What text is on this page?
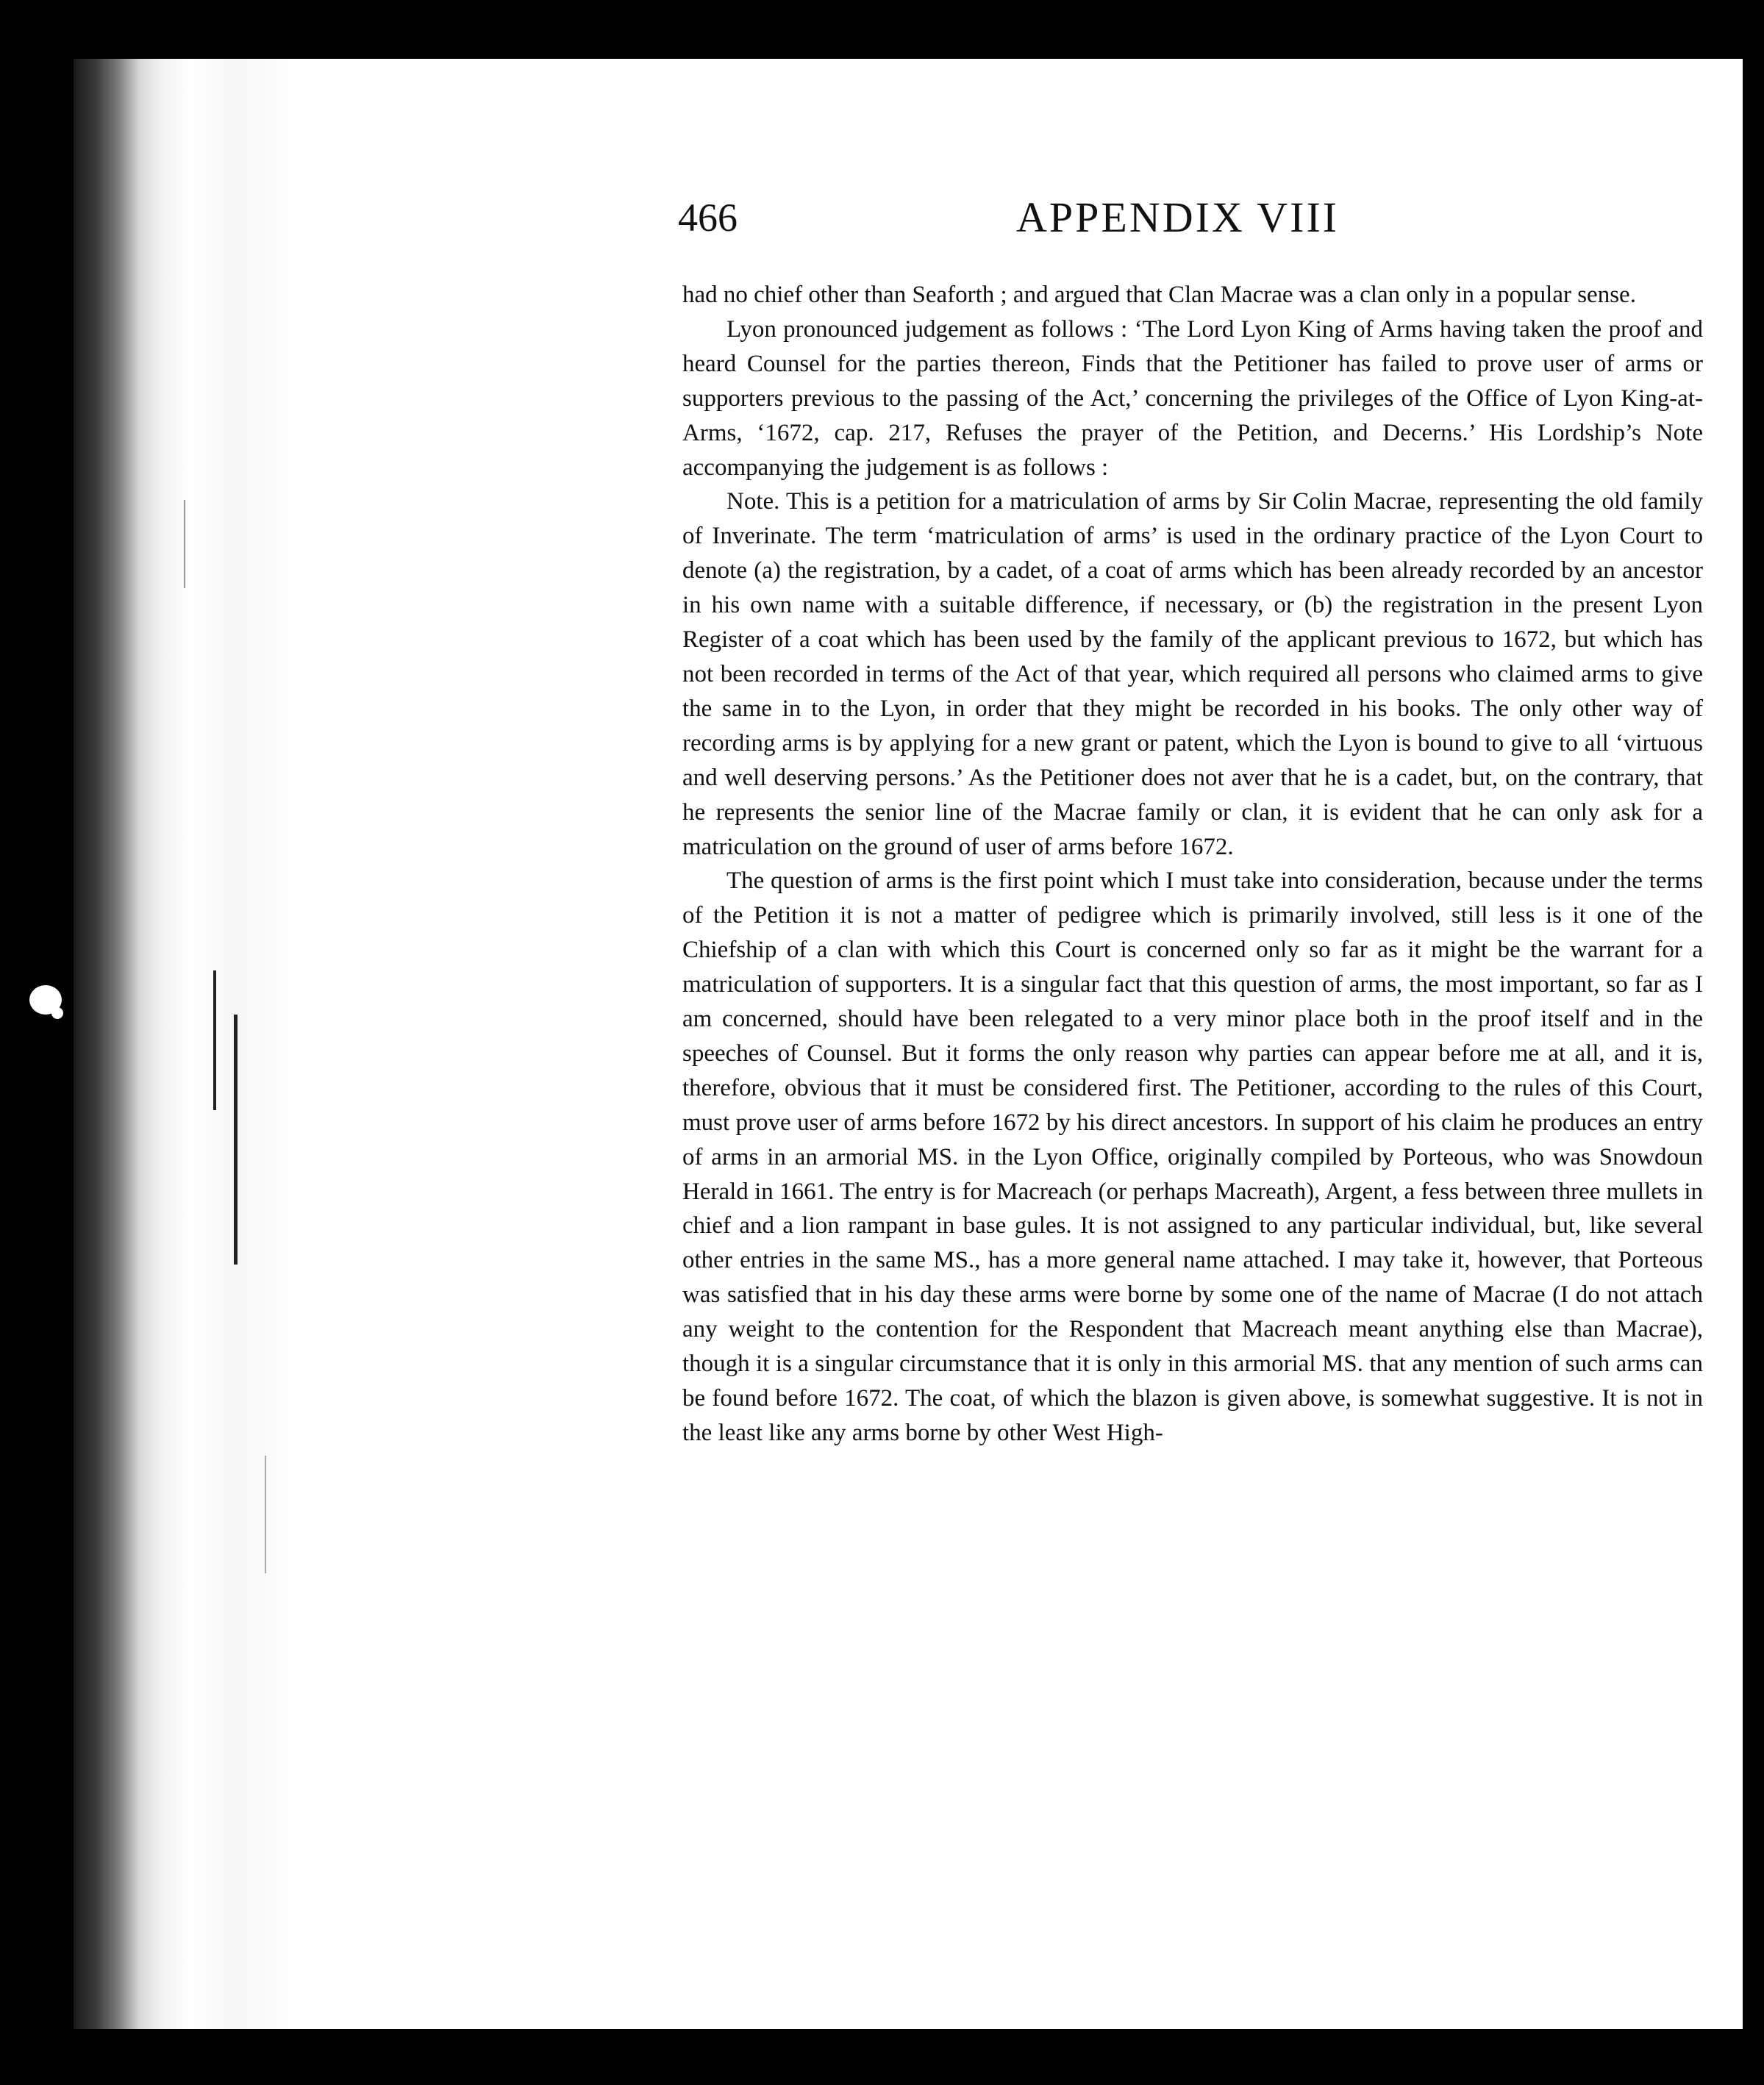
466	APPENDIX VIII

had no chief other than Seaforth ; and argued that Clan Macrae was a clan only in a popular sense.

Lyon pronounced judgement as follows : ‘The Lord Lyon King of Arms having taken the proof and heard Counsel for the parties thereon, Finds that the Petitioner has failed to prove user of arms or supporters previous to the passing of the Act,’ concerning the privileges of the Office of Lyon King-at-Arms, ‘1672, cap. 217, Refuses the prayer of the Petition, and Decerns.’ His Lordship’s Note accompanying the judgement is as follows :

Note. This is a petition for a matriculation of arms by Sir Colin Macrae, representing the old family of Inverinate. The term ‘matriculation of arms’ is used in the ordinary practice of the Lyon Court to denote (a) the registration, by a cadet, of a coat of arms which has been already recorded by an ancestor in his own name with a suitable difference, if necessary, or (b) the registration in the present Lyon Register of a coat which has been used by the family of the applicant previous to 1672, but which has not been recorded in terms of the Act of that year, which required all persons who claimed arms to give the same in to the Lyon, in order that they might be recorded in his books. The only other way of recording arms is by applying for a new grant or patent, which the Lyon is bound to give to all ‘virtuous and well deserving persons.’ As the Petitioner does not aver that he is a cadet, but, on the contrary, that he represents the senior line of the Macrae family or clan, it is evident that he can only ask for a matriculation on the ground of user of arms before 1672.

The question of arms is the first point which I must take into consideration, because under the terms of the Petition it is not a matter of pedigree which is primarily involved, still less is it one of the Chiefship of a clan with which this Court is concerned only so far as it might be the warrant for a matriculation of supporters. It is a singular fact that this question of arms, the most important, so far as I am concerned, should have been relegated to a very minor place both in the proof itself and in the speeches of Counsel. But it forms the only reason why parties can appear before me at all, and it is, therefore, obvious that it must be considered first. The Petitioner, according to the rules of this Court, must prove user of arms before 1672 by his direct ancestors. In support of his claim he produces an entry of arms in an armorial MS. in the Lyon Office, originally compiled by Porteous, who was Snowdoun Herald in 1661. The entry is for Macreach (or perhaps Macreath), Argent, a fess between three mullets in chief and a lion rampant in base gules. It is not assigned to any particular individual, but, like several other entries in the same MS., has a more general name attached. I may take it, however, that Porteous was satisfied that in his day these arms were borne by some one of the name of Macrae (I do not attach any weight to the contention for the Respondent that Macreach meant anything else than Macrae), though it is a singular circumstance that it is only in this armorial MS. that any mention of such arms can be found before 1672. The coat, of which the blazon is given above, is somewhat suggestive. It is not in the least like any arms borne by other West High-
